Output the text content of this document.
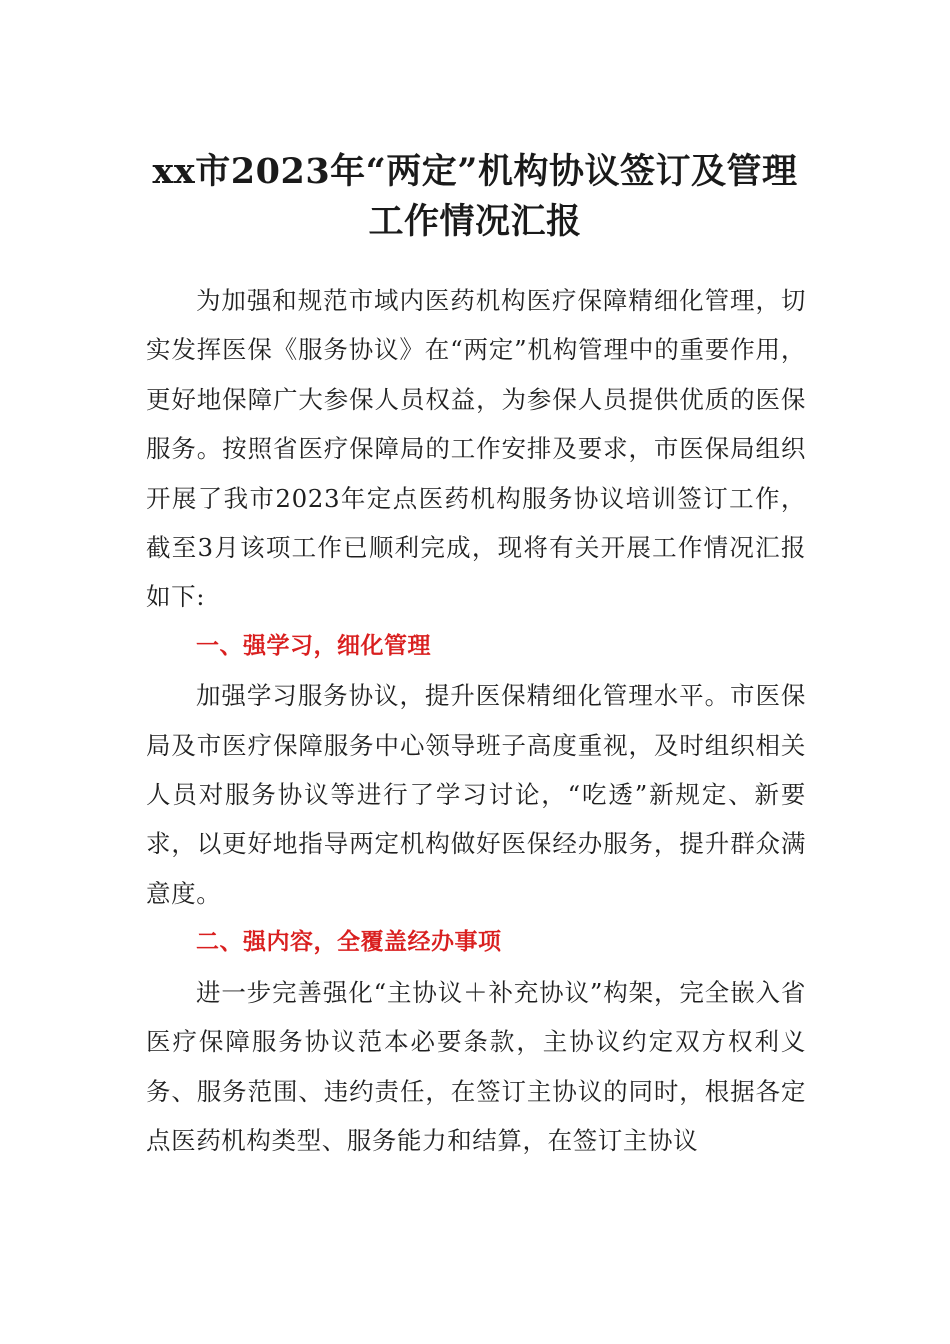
xx市2023年“两定”机构协议签订及管理
工作情况汇报

为加强和规范市域内医药机构医疗保障精细化管理，切实发挥医保《服务协议》在“两定”机构管理中的重要作用，更好地保障广大参保人员权益，为参保人员提供优质的医保服务。按照省医疗保障局的工作安排及要求，市医保局组织开展了我市2023年定点医药机构服务协议培训签订工作，截至3月该项工作已顺利完成，现将有关开展工作情况汇报如下:

一、强学习，细化管理

加强学习服务协议，提升医保精细化管理水平。市医保局及市医疗保障服务中心领导班子高度重视，及时组织相关人员对服务协议等进行了学习讨论，“吃透”新规定、新要求，以更好地指导两定机构做好医保经办服务，提升群众满意度。

二、强内容，全覆盖经办事项

进一步完善强化“主协议＋补充协议”构架，完全嵌入省医疗保障服务协议范本必要条款，主协议约定双方权利义务、服务范围、违约责任，在签订主协议的同时，根据各定点医药机构类型、服务能力和结算，在签订主协议
